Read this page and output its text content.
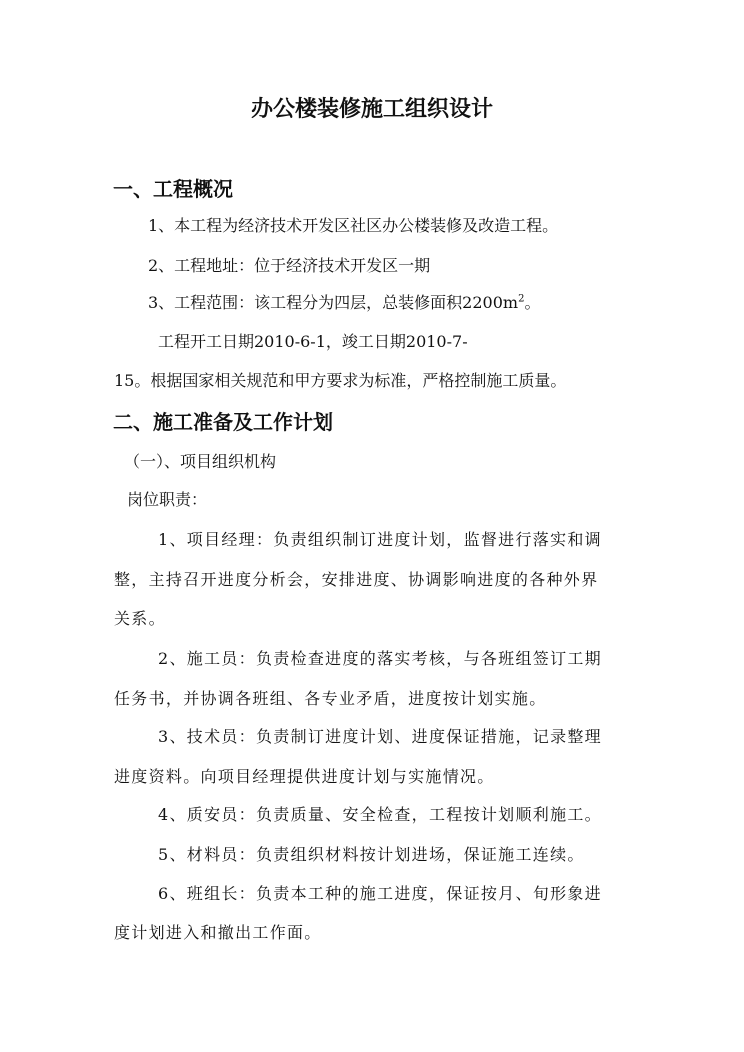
办公楼装修施工组织设计
一、工程概况

1、本工程为经济技术开发区社区办公楼装修及改造工程。

2、工程地址：位于经济技术开发区一期

3、工程范围：该工程分为四层，总装修面积$2200m^2$。

工程开工日期2010-6-1，竣工日期2010-7-

15。根据国家相关规范和甲方要求为标准，严格控制施工质量。

二、施工准备及工作计划

（一）、项目组织机构

岗位职责：

1、项目经理：负责组织制订进度计划，监督进行落实和调

整，主持召开进度分析会，安排进度、协调影响进度的各种外界

关系。

2、施工员：负责检查进度的落实考核，与各班组签订工期

任务书，并协调各班组、各专业矛盾，进度按计划实施。

3、技术员：负责制订进度计划、进度保证措施，记录整理

进度资料。向项目经理提供进度计划与实施情况。

4、质安员：负责质量、安全检查，工程按计划顺利施工。

5、材料员：负责组织材料按计划进场，保证施工连续。

6、班组长：负责本工种的施工进度，保证按月、旬形象进

度计划进入和撤出工作面。
